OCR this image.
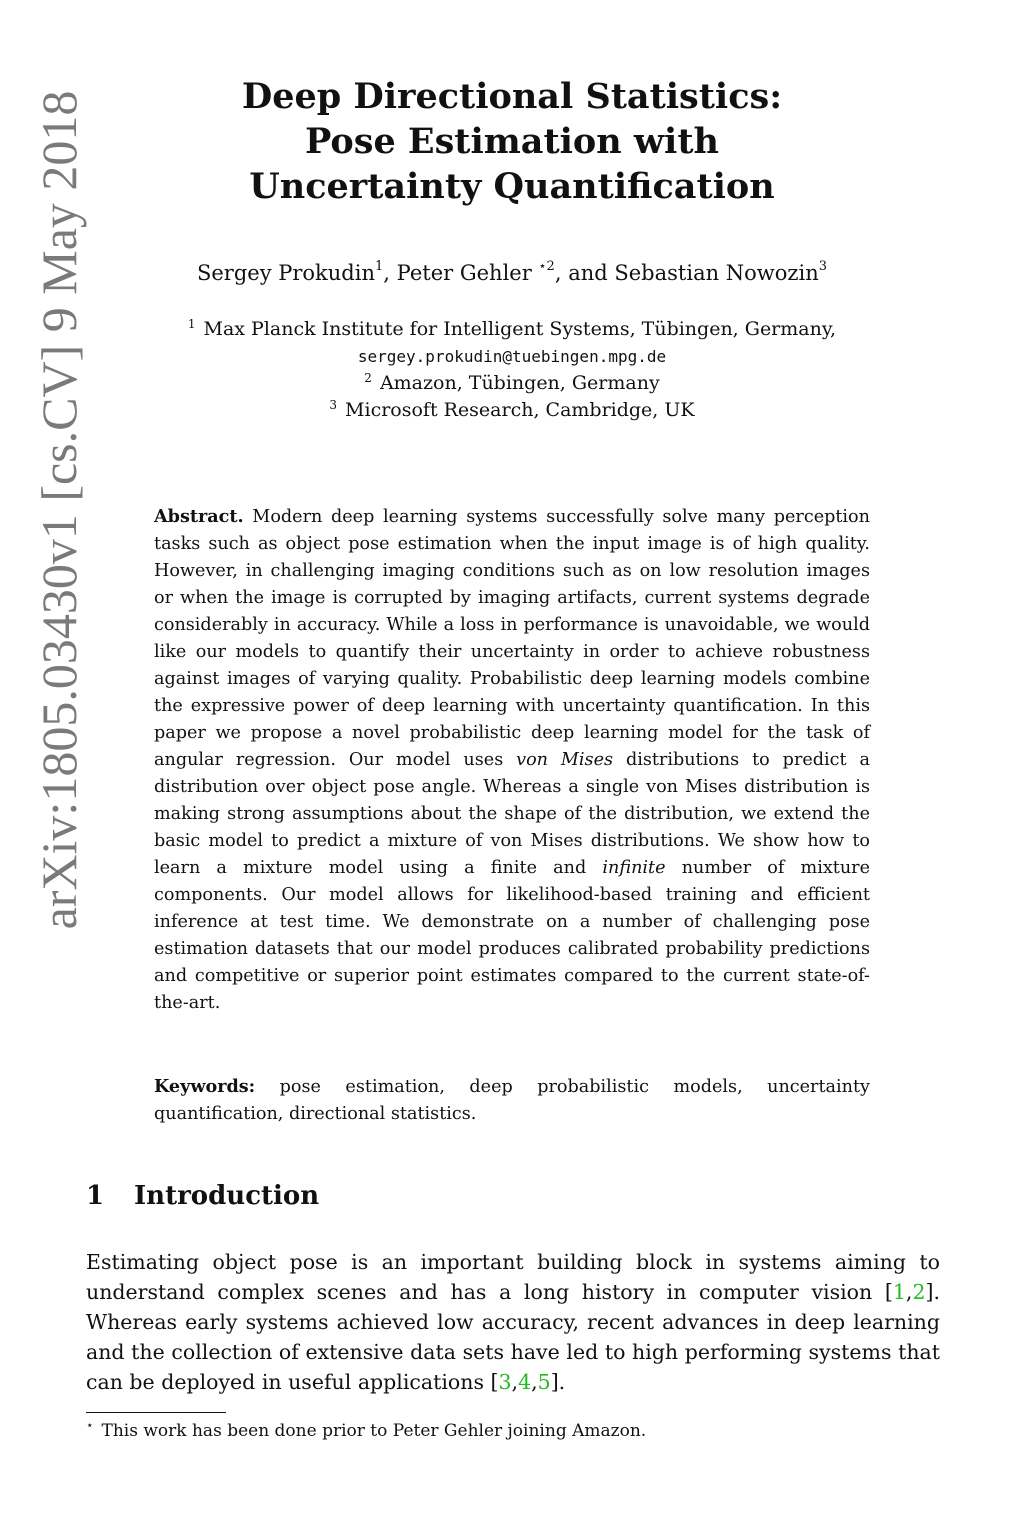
arXiv:1805.03430v1 [cs.CV] 9 May 2018	Deep Directional Statistics:
Pose Estimation with
Uncertainty Quantification
Sergey Prokudin$^1$, Peter Gehler $^{⋆2}$, and Sebastian Nowozin$^3$
$^1$ Max Planck Institute for Intelligent Systems, Tübingen, Germany,
sergey.prokudin@tuebingen.mpg.de
$^2$ Amazon, Tübingen, Germany
$^3$ Microsoft Research, Cambridge, UK

Abstract. Modern deep learning systems successfully solve many perception tasks such as object pose estimation when the input image is of high quality. However, in challenging imaging conditions such as on low resolution images or when the image is corrupted by imaging artifacts, current systems degrade considerably in accuracy. While a loss in performance is unavoidable, we would like our models to quantify their uncertainty in order to achieve robustness against images of varying quality. Probabilistic deep learning models combine the expressive power of deep learning with uncertainty quantification. In this paper we propose a novel probabilistic deep learning model for the task of angular regression. Our model uses von Mises distributions to predict a distribution over object pose angle. Whereas a single von Mises distribution is making strong assumptions about the shape of the distribution, we extend the basic model to predict a mixture of von Mises distributions. We show how to learn a mixture model using a finite and infinite number of mixture components. Our model allows for likelihood-based training and efficient inference at test time. We demonstrate on a number of challenging pose estimation datasets that our model produces calibrated probability predictions and competitive or superior point estimates compared to the current state-of-the-art.

Keywords: pose estimation, deep probabilistic models, uncertainty quantification, directional statistics.

1 Introduction

Estimating object pose is an important building block in systems aiming to understand complex scenes and has a long history in computer vision [1,2]. Whereas early systems achieved low accuracy, recent advances in deep learning and the collection of extensive data sets have led to high performing systems that can be deployed in useful applications [3,4,5].

⋆ This work has been done prior to Peter Gehler joining Amazon.
